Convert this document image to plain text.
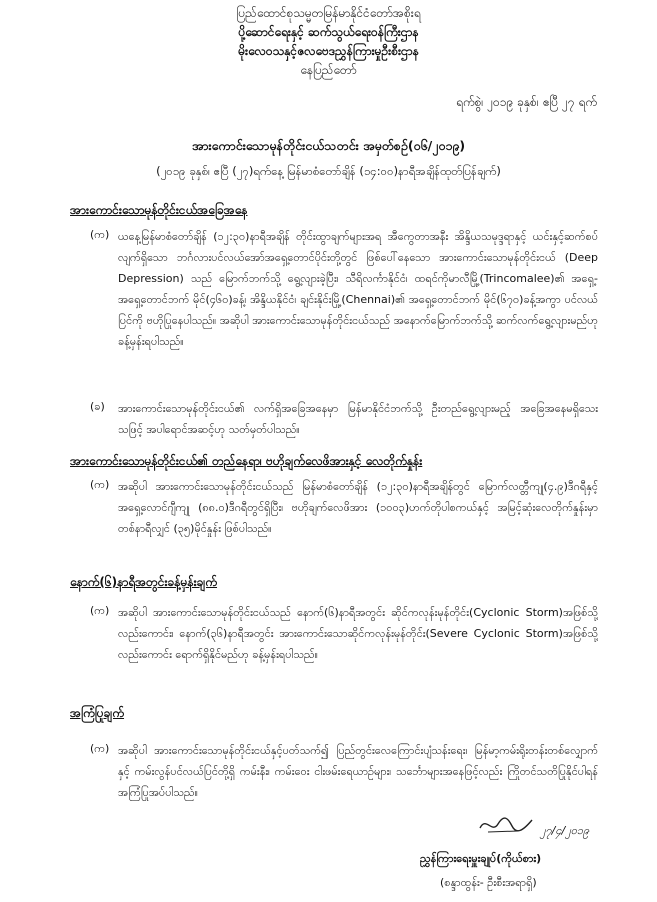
ပြည်ထောင်စုသမ္မတမြန်မာနိုင်ငံတော်အစိုးရ
ပို့ဆောင်ရေးနှင့် ဆက်သွယ်ရေးဝန်ကြီးဌာန
မိုးလေဝသနှင့်ဇလဗေဒညွှန်ကြားမှုဦးစီးဌာန
နေပြည်တော်
ရက်စွဲ၊ ၂၀၁၉ ခုနှစ်၊ ဧပြီ ၂၇ ရက်
အားကောင်းသောမုန်တိုင်းငယ်သတင်း အမှတ်စဉ်(၀၆/၂၀၁၉)
(၂၀၁၉ ခုနှစ်၊ ဧပြီ (၂၇)ရက်နေ့ မြန်မာစံတော်ချိန် (၁၄:၀၀)နာရီအချိန်ထုတ်ပြန်ချက်)
အားကောင်းသောမုန်တိုင်းငယ်အခြေအနေ
(က) ယနေ့မြန်မာစံတော်ချိန် (၁၂:၃၀)နာရီအချိန် တိုင်းထွာချက်များအရ အီကွေတာအနီး အိန္ဒိယသမုဒ္ဒရာနှင့် ယင်းနှင့်ဆက်စပ်လျက်ရှိသော ဘင်္ဂလားပင်လယ်အော်အရှေ့တောင်ပိုင်းတို့တွင် ဖြစ်ပေါ်နေသော အားကောင်းသောမုန်တိုင်းငယ် (Deep Depression) သည် မြောက်ဘက်သို့ ရွေ့လျားခဲ့ပြီး၊ သီရိလင်္ကာနိုင်ငံ၊ ထရင်ကိုမာလီမြို့(Trincomalee)၏ အရှေ့-အရှေ့တောင်ဘက် မိုင်(၄၆၀)ခန့်၊ အိန္ဒိယနိုင်ငံ၊ ချင်းနိုင်းမြို့(Chennai)၏ အရှေ့တောင်ဘက် မိုင်(၆၇၀)ခန့်အကွာ ပင်လယ်ပြင်ကို ဗဟိုပြုနေပါသည်။ အဆိုပါ အားကောင်းသောမုန်တိုင်းငယ်သည် အနောက်မြောက်ဘက်သို့ ဆက်လက်ရွေ့လျားမည်ဟု ခန့်မှန်းရပါသည်။
(ခ) အားကောင်းသောမုန်တိုင်းငယ်၏ လက်ရှိအခြေအနေမှာ မြန်မာနိုင်ငံဘက်သို့ ဦးတည်ရွေ့လျားမည့် အခြေအနေမရှိသေးသဖြင့် အပါရောင်အဆင့်ဟု သတ်မှတ်ပါသည်။
အားကောင်းသောမုန်တိုင်းငယ်၏ တည်နေရာ၊ ဗဟိုချက်လေဖိအားနှင့် လေတိုက်နှုန်း
(က) အဆိုပါ အားကောင်းသောမုန်တိုင်းငယ်သည် မြန်မာစံတော်ချိန် (၁၂:၃၀)နာရီအချိန်တွင် မြောက်လတ္တီကျု(၄.၉)ဒီဂရီနှင့် အရှေ့လောင်ဂျီကျု (၈၈.၀)ဒီဂရီတွင်ရှိပြီး၊ ဗဟိုချက်လေဖိအား (၁၀၀၃)ဟက်တိုပါစကယ်နှင့် အမြင့်ဆုံးလေတိုက်နှုန်းမှာ တစ်နာရီလျှင် (၃၅)မိုင်နှုန်း ဖြစ်ပါသည်။
နောက်(၆)နာရီအတွင်းခန့်မှန်းချက်
(က) အဆိုပါ အားကောင်းသောမုန်တိုင်းငယ်သည် နောက်(၆)နာရီအတွင်း ဆိုင်ကလုန်းမုန်တိုင်း(Cyclonic Storm)အဖြစ်သို့လည်းကောင်း၊ နောက်(၃၆)နာရီအတွင်း အားကောင်းသောဆိုင်ကလုန်းမုန်တိုင်း(Severe Cyclonic Storm)အဖြစ်သို့လည်းကောင်း ရောက်ရှိနိုင်မည်ဟု ခန့်မှန်းရပါသည်။
အကြံပြုချက်
(က) အဆိုပါ အားကောင်းသောမုန်တိုင်းငယ်နှင့်ပတ်သက်၍ ပြည်တွင်းလေကြောင်းပျံသန်းရေး၊ မြန်မာ့ကမ်းရိုးတန်းတစ်လျှောက်နှင့် ကမ်းလွန်ပင်လယ်ပြင်တို့ရှိ ကမ်းနီး၊ ကမ်းဝေး ငါးဖမ်းရေယာဉ်များ၊ သင်္ဘောများအနေဖြင့်လည်း ကြိုတင်သတိပြုနိုင်ပါရန် အကြံပြုအပ်ပါသည်။
၂၇/၄/၂၀၁၉
ညွှန်ကြားရေးမှူးချုပ်(ကိုယ်စား)
(စန္ဒာထွန်း- ဦးစီးအရာရှိ)
